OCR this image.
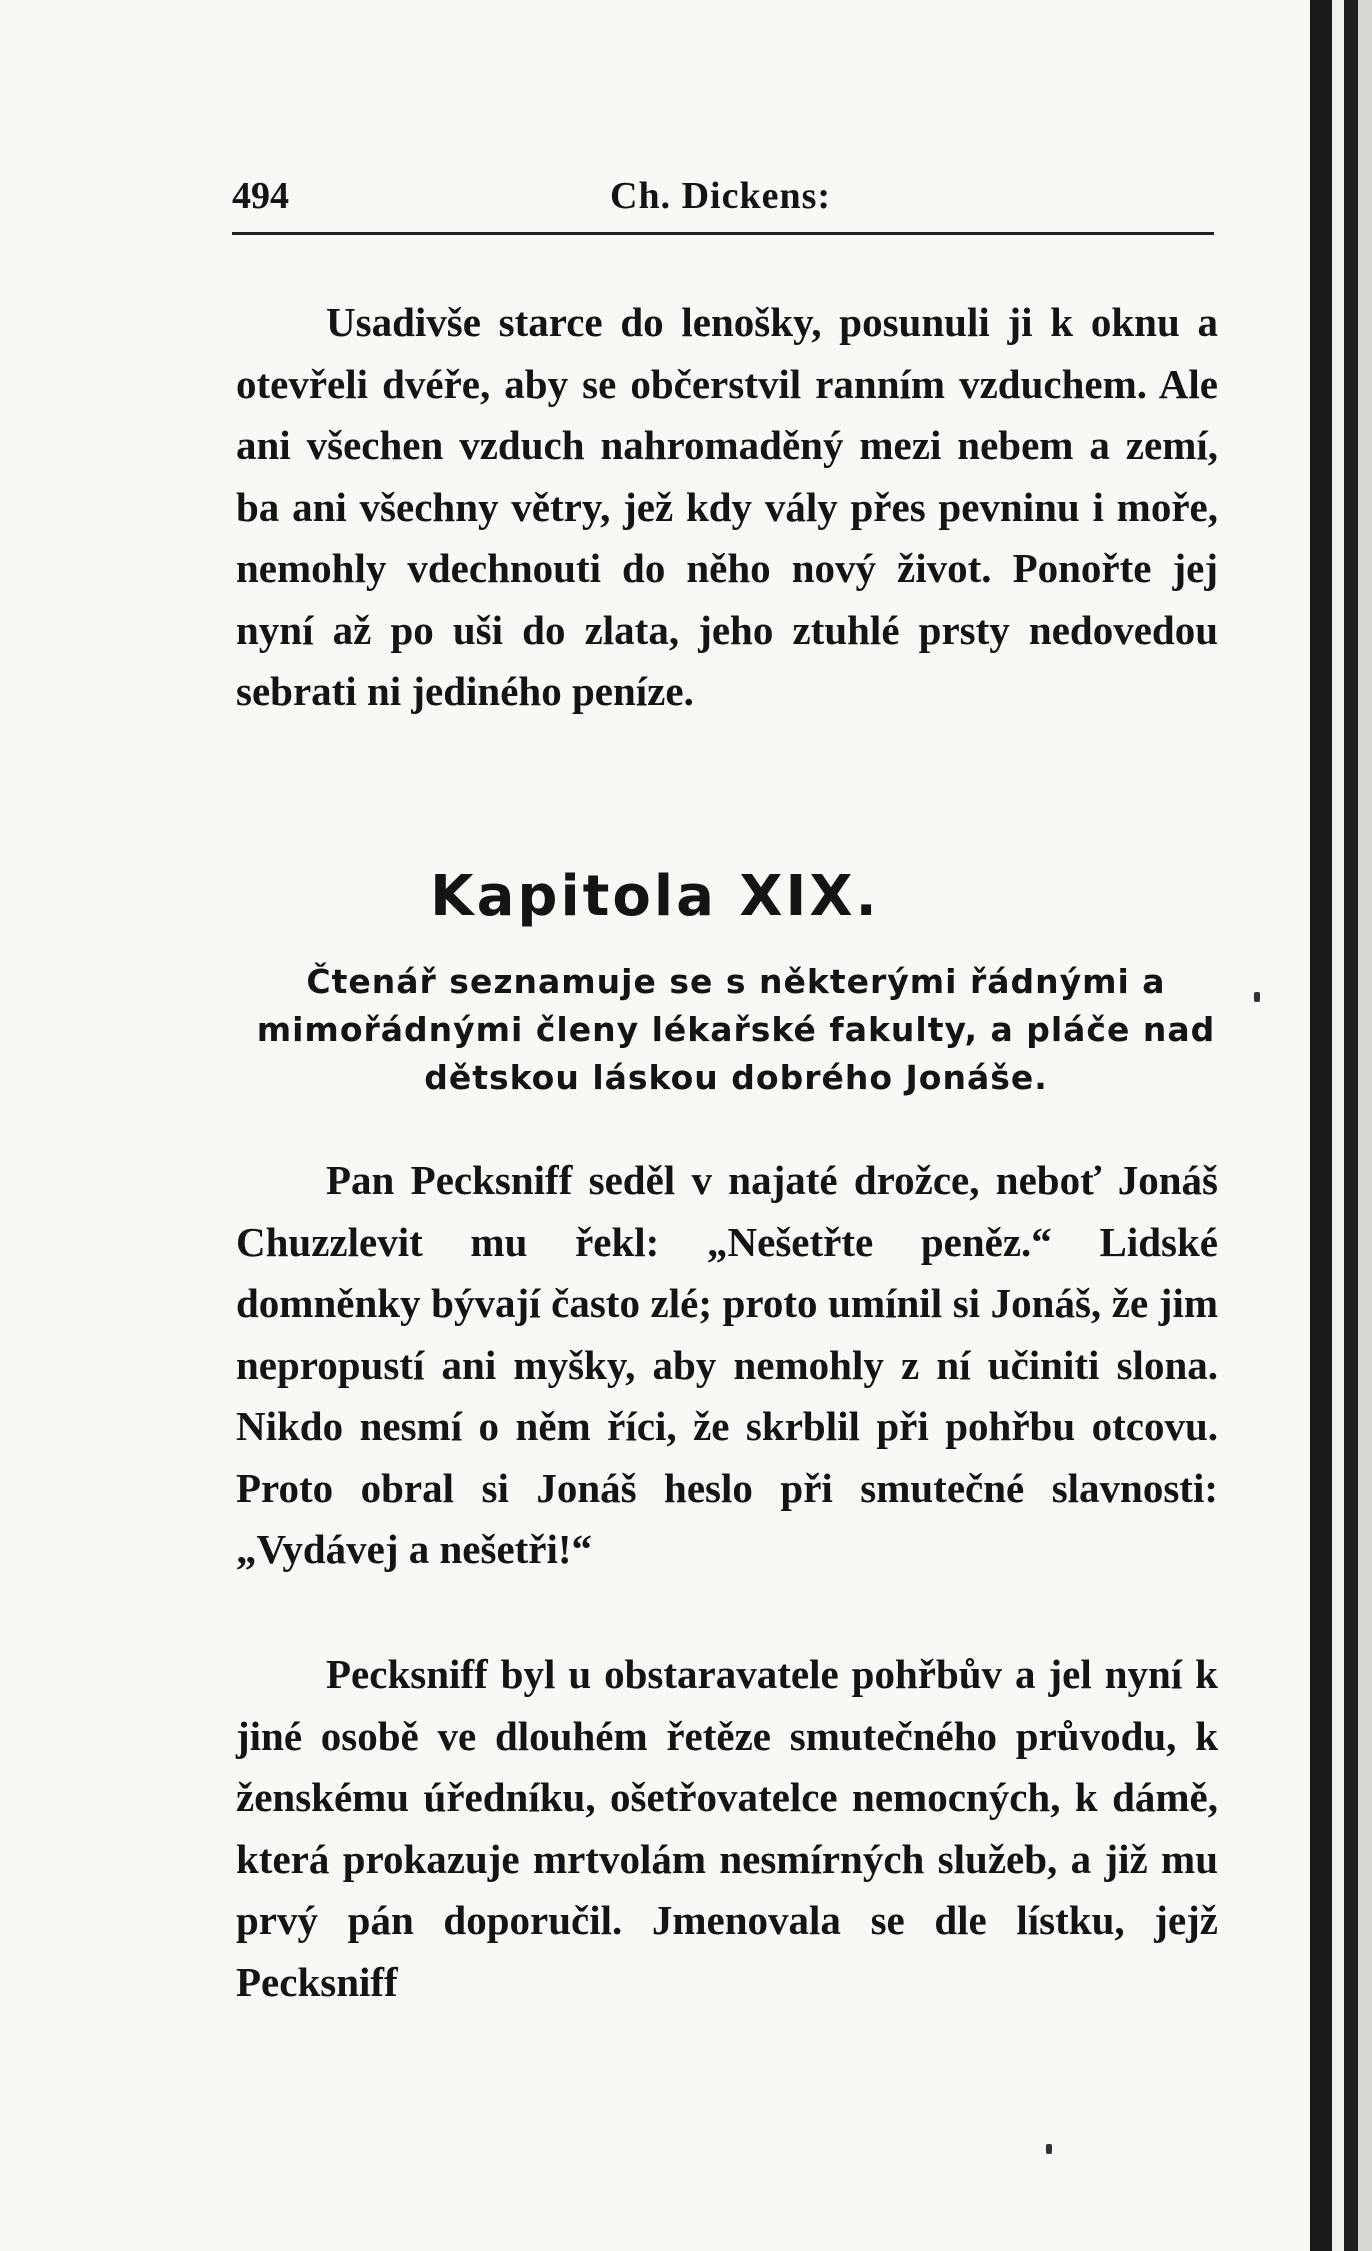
494	Ch. Dickens:

Usadivše starce do lenošky, posunuli ji k oknu a otevřeli dvéře, aby se občerstvil ranním vzduchem. Ale ani všechen vzduch nahromaděný mezi nebem a zemí, ba ani všechny větry, jež kdy vály přes pevninu i moře, nemohly vdechnouti do něho nový život. Ponořte jej nyní až po uši do zlata, jeho ztuhlé prsty nedovedou sebrati ni jediného peníze.

Kapitola XIX.

Čtenář seznamuje se s některými řádnými a mimořádnými členy lékařské fakulty, a pláče nad dětskou láskou dobrého Jonáše.

Pan Pecksniff seděl v najaté drožce, neboť Jonáš Chuzzlevit mu řekl: „Nešetřte peněz.“ Lidské domněnky bývají často zlé; proto umínil si Jonáš, že jim nepropustí ani myšky, aby nemohly z ní učiniti slona. Nikdo nesmí o něm říci, že skrblil při pohřbu otcovu. Proto obral si Jonáš heslo při smutečné slavnosti: „Vydávej a nešetři!“

Pecksniff byl u obstaravatele pohřbův a jel nyní k jiné osobě ve dlouhém řetěze smutečného průvodu, k ženskému úředníku, ošetřovatelce nemocných, k dámě, která prokazuje mrtvolám nesmírných služeb, a již mu prvý pán doporučil. Jmenovala se dle lístku, jejž Pecksniff
